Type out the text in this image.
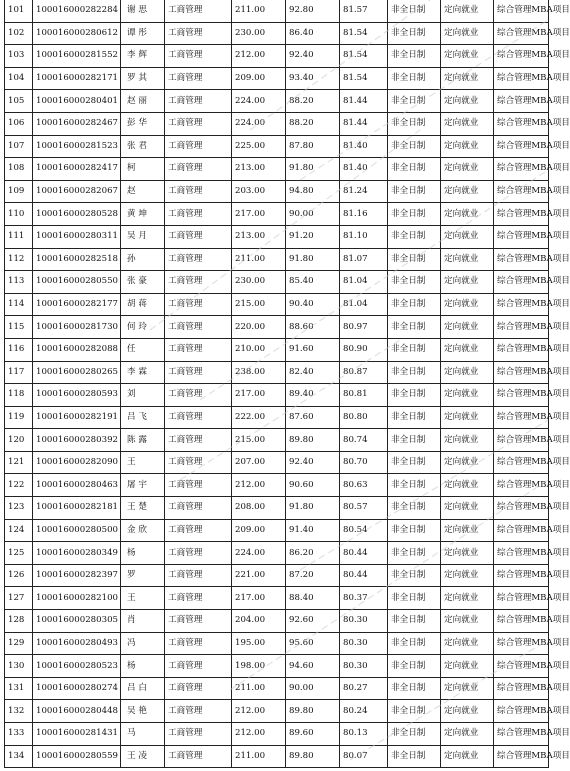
101	100016000282284	谢 思	工商管理	211.00	92.80	81.57	非全日制	定向就业	综合管理MBA项目
102	100016000280612	谭 彤	工商管理	230.00	86.40	81.54	非全日制	定向就业	综合管理MBA项目
103	100016000281552	李 辉	工商管理	212.00	92.40	81.54	非全日制	定向就业	综合管理MBA项目
104	100016000282171	罗 其	工商管理	209.00	93.40	81.54	非全日制	定向就业	综合管理MBA项目
105	100016000280401	赵 丽	工商管理	224.00	88.20	81.44	非全日制	定向就业	综合管理MBA项目
106	100016000282467	彭 华	工商管理	224.00	88.20	81.44	非全日制	定向就业	综合管理MBA项目
107	100016000281523	张 君	工商管理	225.00	87.80	81.40	非全日制	定向就业	综合管理MBA项目
108	100016000282417	柯	工商管理	213.00	91.80	81.40	非全日制	定向就业	综合管理MBA项目
109	100016000282067	赵	工商管理	203.00	94.80	81.24	非全日制	定向就业	综合管理MBA项目
110	100016000280528	黄 坤	工商管理	217.00	90.00	81.16	非全日制	定向就业	综合管理MBA项目
111	100016000280311	吴 月	工商管理	213.00	91.20	81.10	非全日制	定向就业	综合管理MBA项目
112	100016000282518	孙	工商管理	211.00	91.80	81.07	非全日制	定向就业	综合管理MBA项目
113	100016000280550	张 豪	工商管理	230.00	85.40	81.04	非全日制	定向就业	综合管理MBA项目
114	100016000282177	胡 蒋	工商管理	215.00	90.40	81.04	非全日制	定向就业	综合管理MBA项目
115	100016000281730	何 玲	工商管理	220.00	88.60	80.97	非全日制	定向就业	综合管理MBA项目
116	100016000282088	任	工商管理	210.00	91.60	80.90	非全日制	定向就业	综合管理MBA项目
117	100016000280265	李 霖	工商管理	238.00	82.40	80.87	非全日制	定向就业	综合管理MBA项目
118	100016000280593	刘	工商管理	217.00	89.40	80.81	非全日制	定向就业	综合管理MBA项目
119	100016000282191	吕 飞	工商管理	222.00	87.60	80.80	非全日制	定向就业	综合管理MBA项目
120	100016000280392	陈 露	工商管理	215.00	89.80	80.74	非全日制	定向就业	综合管理MBA项目
121	100016000282090	王	工商管理	207.00	92.40	80.70	非全日制	定向就业	综合管理MBA项目
122	100016000280463	屠 宇	工商管理	212.00	90.60	80.63	非全日制	定向就业	综合管理MBA项目
123	100016000282181	王 楚	工商管理	208.00	91.80	80.57	非全日制	定向就业	综合管理MBA项目
124	100016000280500	金 欣	工商管理	209.00	91.40	80.54	非全日制	定向就业	综合管理MBA项目
125	100016000280349	杨	工商管理	224.00	86.20	80.44	非全日制	定向就业	综合管理MBA项目
126	100016000282397	罗	工商管理	221.00	87.20	80.44	非全日制	定向就业	综合管理MBA项目
127	100016000282100	王	工商管理	217.00	88.40	80.37	非全日制	定向就业	综合管理MBA项目
128	100016000280305	肖	工商管理	204.00	92.60	80.30	非全日制	定向就业	综合管理MBA项目
129	100016000280493	冯	工商管理	195.00	95.60	80.30	非全日制	定向就业	综合管理MBA项目
130	100016000280523	杨	工商管理	198.00	94.60	80.30	非全日制	定向就业	综合管理MBA项目
131	100016000280274	吕 白	工商管理	211.00	90.00	80.27	非全日制	定向就业	综合管理MBA项目
132	100016000280448	吴 艳	工商管理	212.00	89.80	80.24	非全日制	定向就业	综合管理MBA项目
133	100016000281431	马	工商管理	212.00	89.60	80.13	非全日制	定向就业	综合管理MBA项目
134	100016000280559	王 凌	工商管理	211.00	89.80	80.07	非全日制	定向就业	综合管理MBA项目
